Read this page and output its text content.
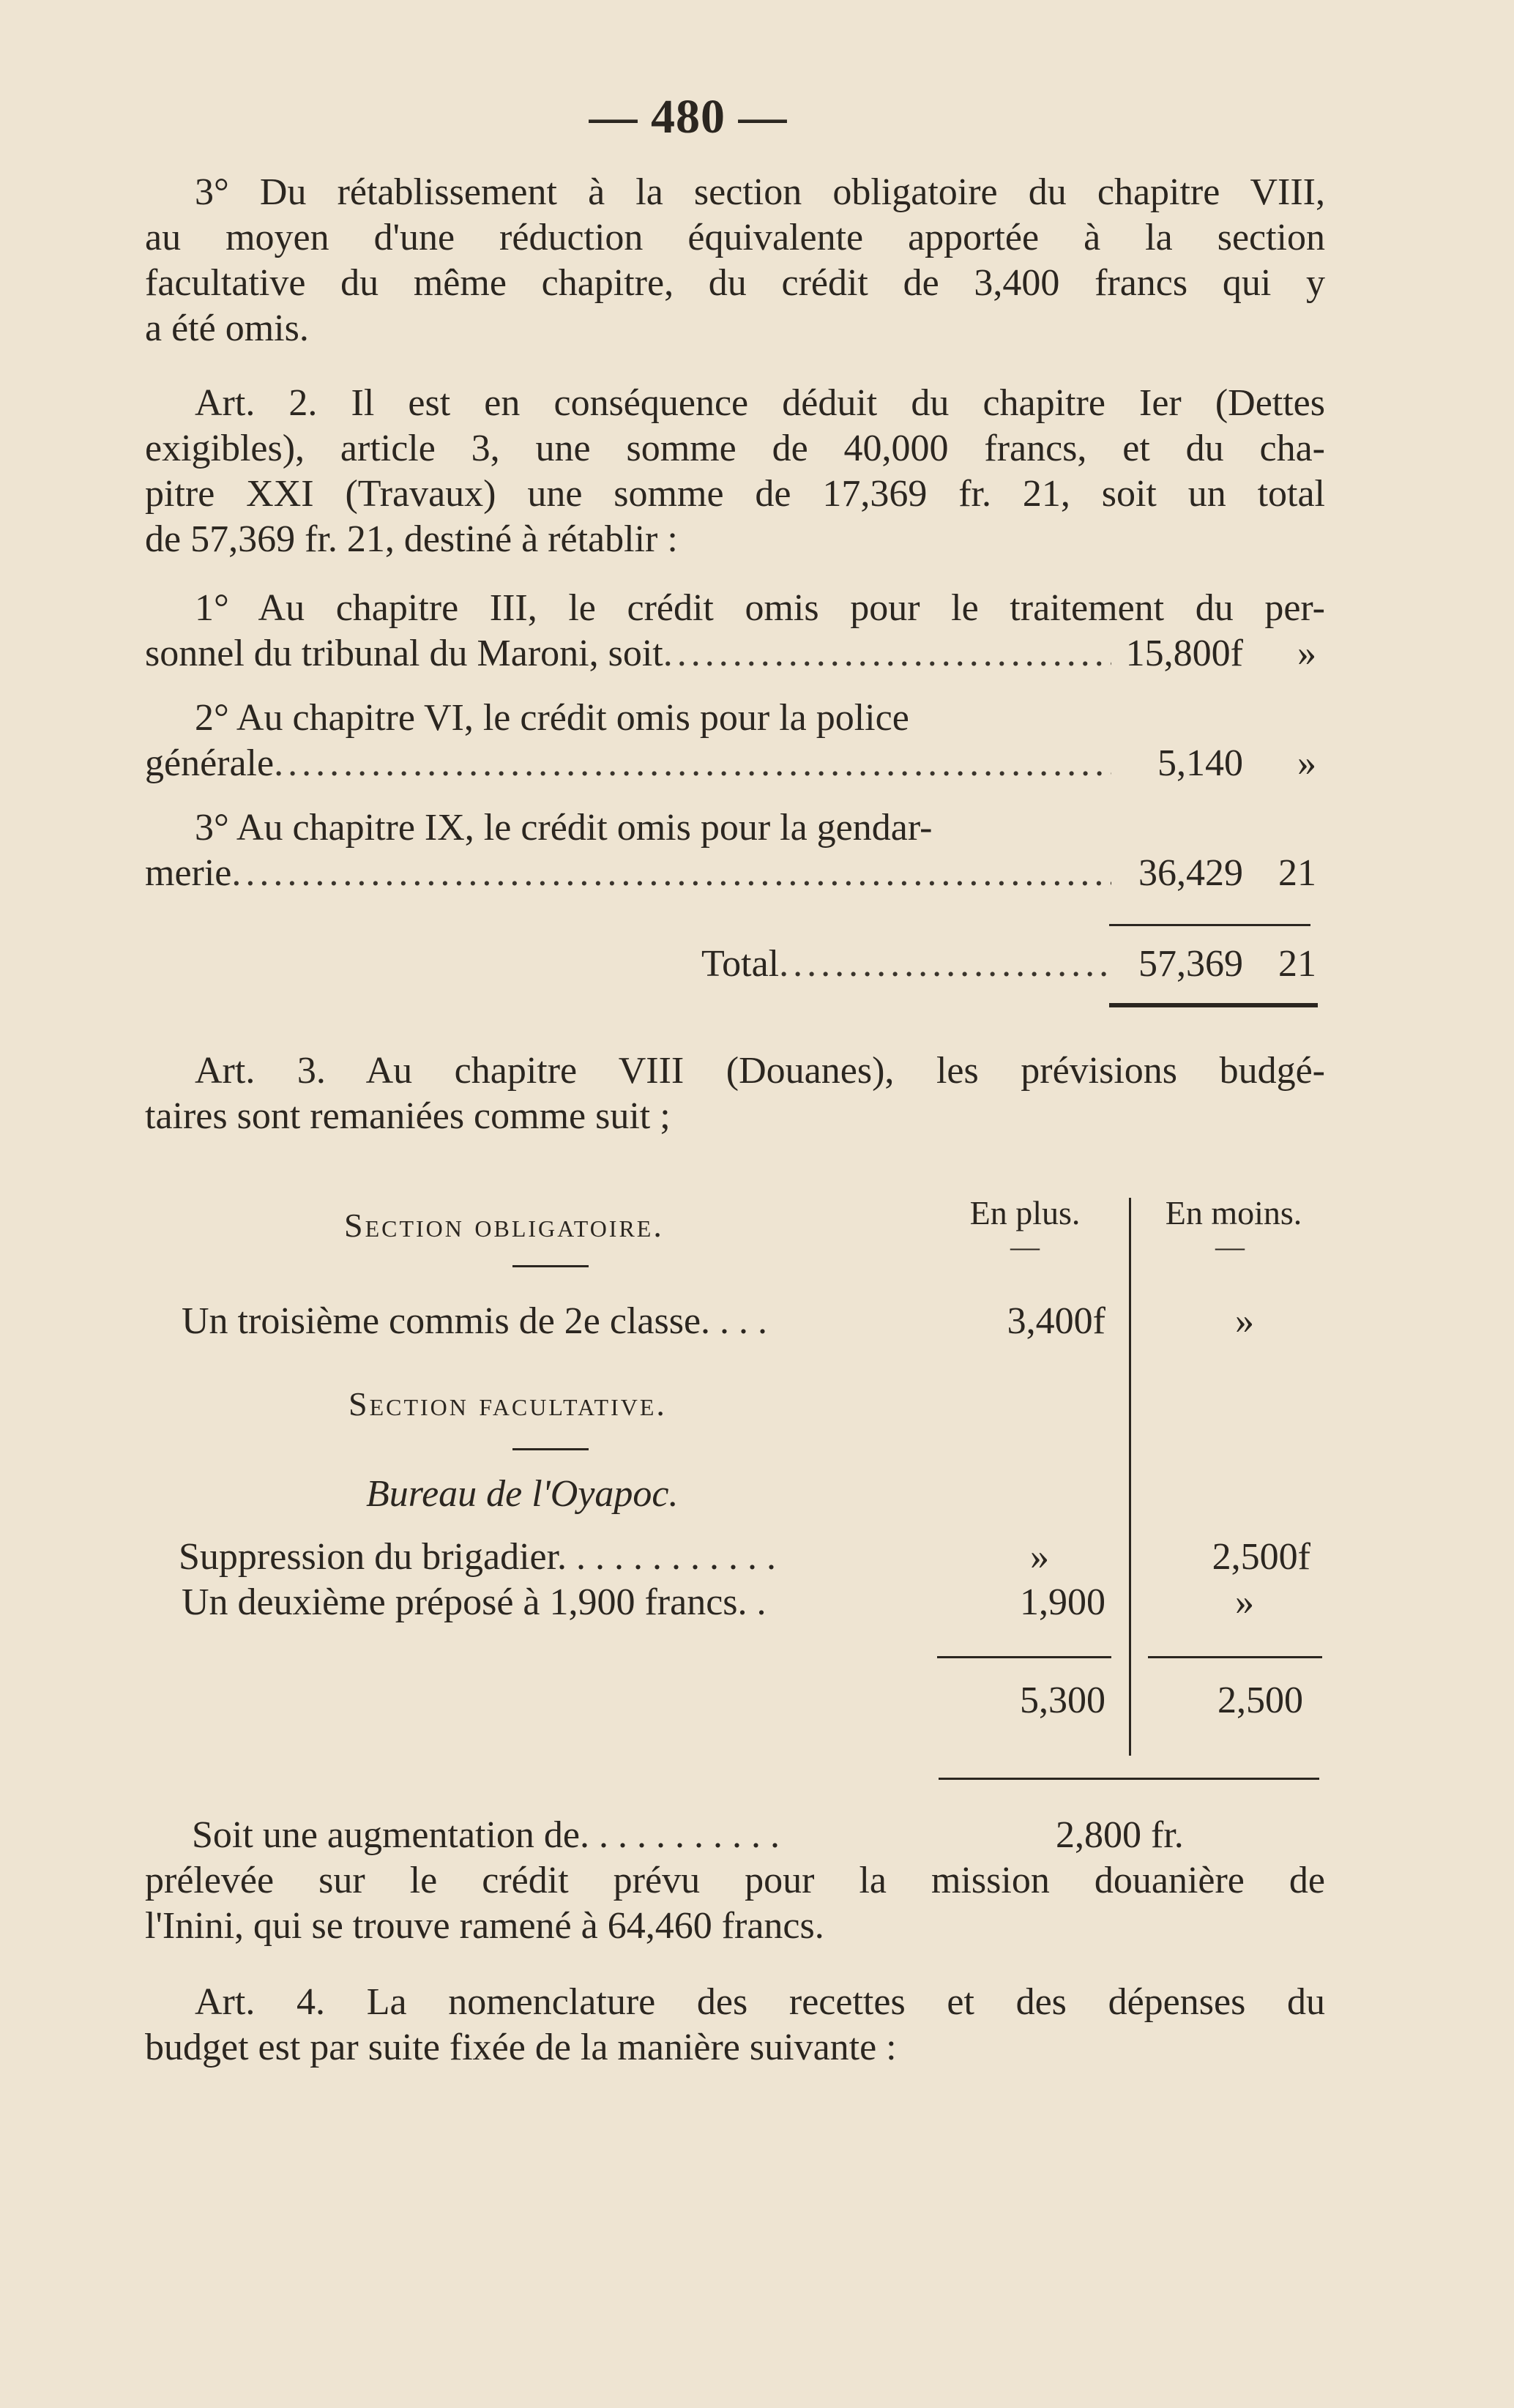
— 480 —
3° Du rétablissement à la section obligatoire du chapitre VIII,
au moyen d'une réduction équivalente apportée à la section
facultative du même chapitre, du crédit de 3,400 francs qui y
a été omis.
Art. 2. Il est en conséquence déduit du chapitre Ier (Dettes
exigibles), article 3, une somme de 40,000 francs, et du cha-
pitre XXI (Travaux) une somme de 17,369 fr. 21, soit un total
de 57,369 fr. 21, destiné à rétablir :
1° Au chapitre III, le crédit omis pour le traitement du per-
sonnel du tribunal du Maroni, soit .....	15,800f	»
2° Au chapitre VI, le crédit omis pour la police
générale .....	5,140	»
3° Au chapitre IX, le crédit omis pour la gendar-
merie .....	36,429 21
Total .....	57,369 21
Art. 3. Au chapitre VIII (Douanes), les prévisions budgé-
taires sont remaniées comme suit ;
Section obligatoire.	En plus.	En moins.
—	—
Un troisième commis de 2e classe. . . .	3,400f	»
Section facultative.
Bureau de l'Oyapoc.
Suppression du brigadier. . . . . . . . . . . .	»	2,500f
Un deuxième préposé à 1,900 francs. .	1,900	»
5,300	2,500
Soit une augmentation de. . . . . . . . . . .	2,800 fr.
prélevée sur le crédit prévu pour la mission douanière de
l'Inini, qui se trouve ramené à 64,460 francs.
Art. 4. La nomenclature des recettes et des dépenses du
budget est par suite fixée de la manière suivante :
